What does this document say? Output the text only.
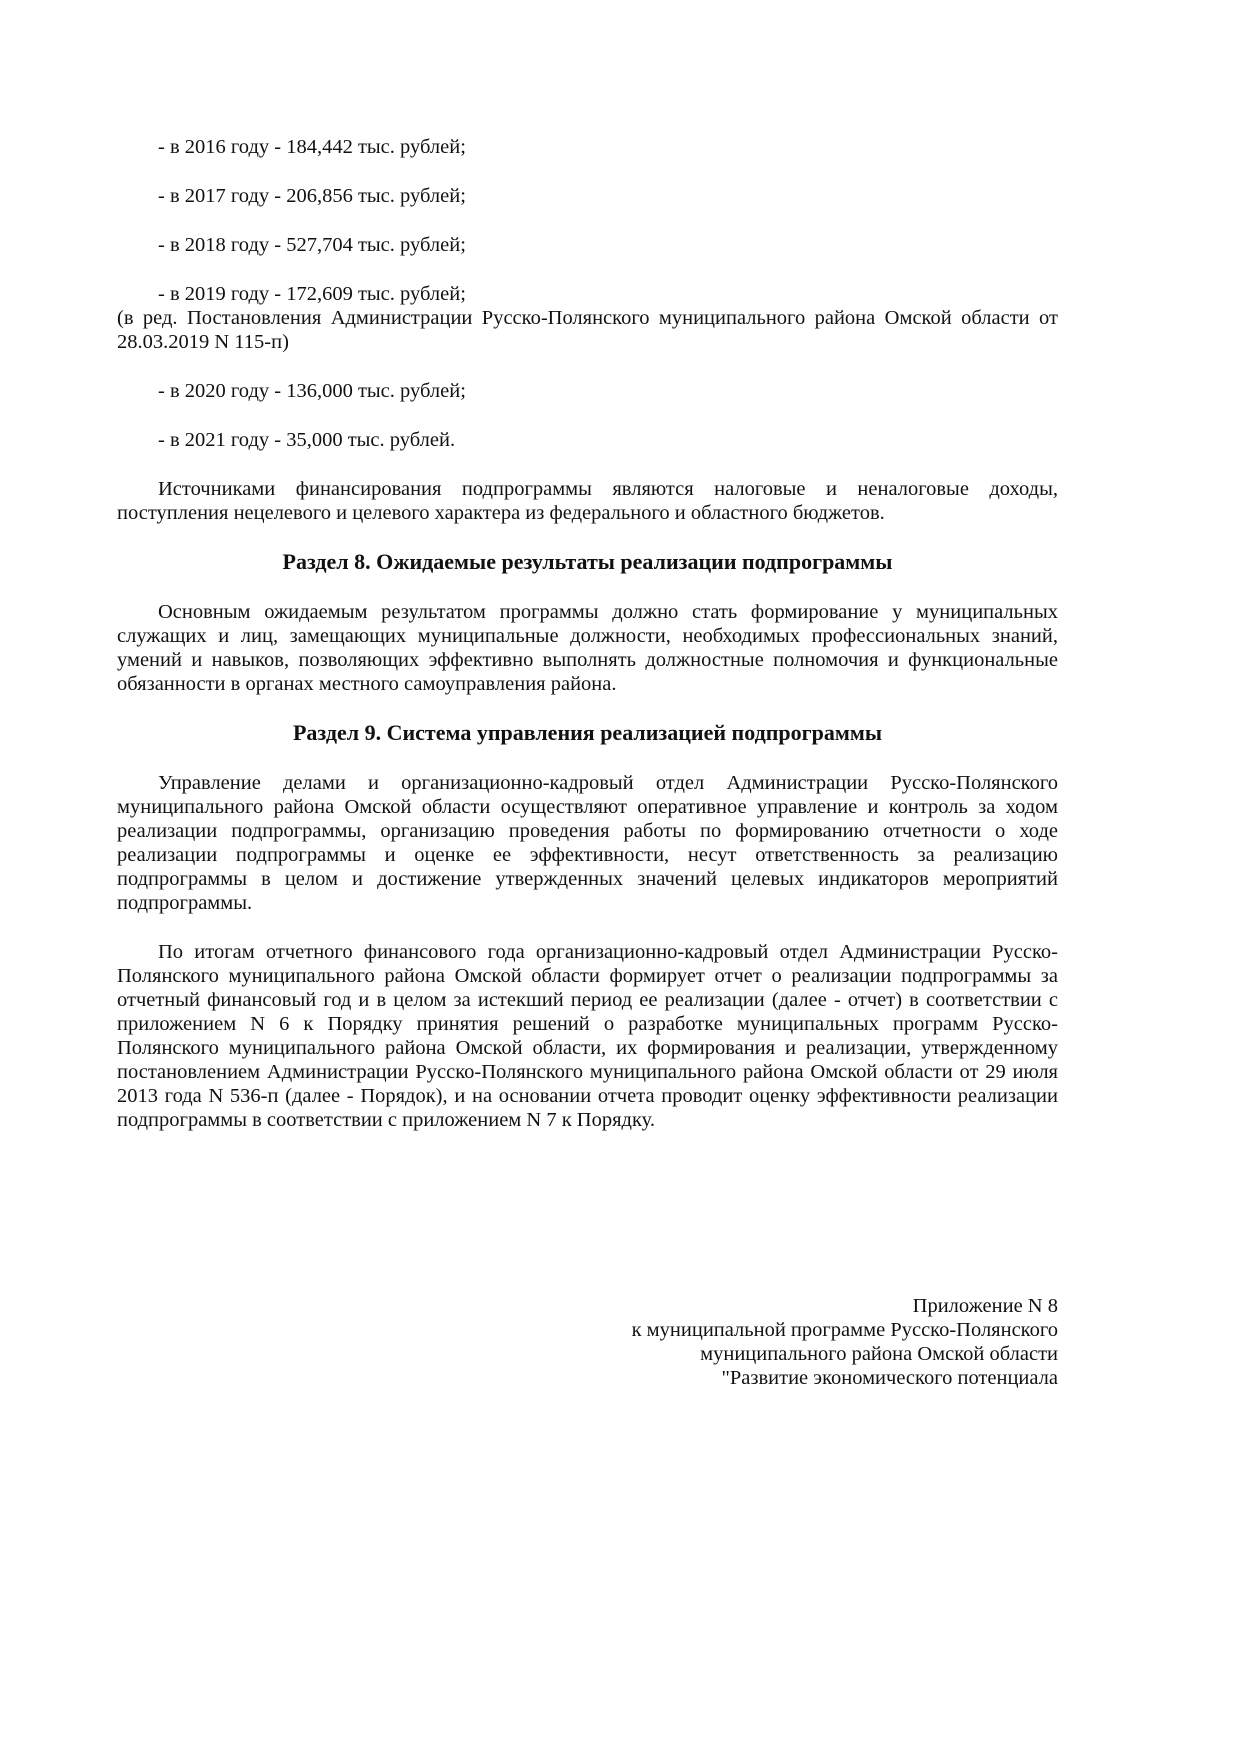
- в 2016 году - 184,442 тыс. рублей;

- в 2017 году - 206,856 тыс. рублей;

- в 2018 году - 527,704 тыс. рублей;

- в 2019 году - 172,609 тыс. рублей;

(в ред. Постановления Администрации Русско-Полянского муниципального района Омской области от 28.03.2019 N 115-п)

- в 2020 году - 136,000 тыс. рублей;

- в 2021 году - 35,000 тыс. рублей.

Источниками финансирования подпрограммы являются налоговые и неналоговые доходы, поступления нецелевого и целевого характера из федерального и областного бюджетов.

Раздел 8. Ожидаемые результаты реализации подпрограммы

Основным ожидаемым результатом программы должно стать формирование у муниципальных служащих и лиц, замещающих муниципальные должности, необходимых профессиональных знаний, умений и навыков, позволяющих эффективно выполнять должностные полномочия и функциональные обязанности в органах местного самоуправления района.

Раздел 9. Система управления реализацией подпрограммы

Управление делами и организационно-кадровый отдел Администрации Русско-Полянского муниципального района Омской области осуществляют оперативное управление и контроль за ходом реализации подпрограммы, организацию проведения работы по формированию отчетности о ходе реализации подпрограммы и оценке ее эффективности, несут ответственность за реализацию подпрограммы в целом и достижение утвержденных значений целевых индикаторов мероприятий подпрограммы.

По итогам отчетного финансового года организационно-кадровый отдел Администрации Русско-Полянского муниципального района Омской области формирует отчет о реализации подпрограммы за отчетный финансовый год и в целом за истекший период ее реализации (далее - отчет) в соответствии с приложением N 6 к Порядку принятия решений о разработке муниципальных программ Русско-Полянского муниципального района Омской области, их формирования и реализации, утвержденному постановлением Администрации Русско-Полянского муниципального района Омской области от 29 июля 2013 года N 536-п (далее - Порядок), и на основании отчета проводит оценку эффективности реализации подпрограммы в соответствии с приложением N 7 к Порядку.

Приложение N 8
к муниципальной программе Русско-Полянского
муниципального района Омской области
"Развитие экономического потенциала
